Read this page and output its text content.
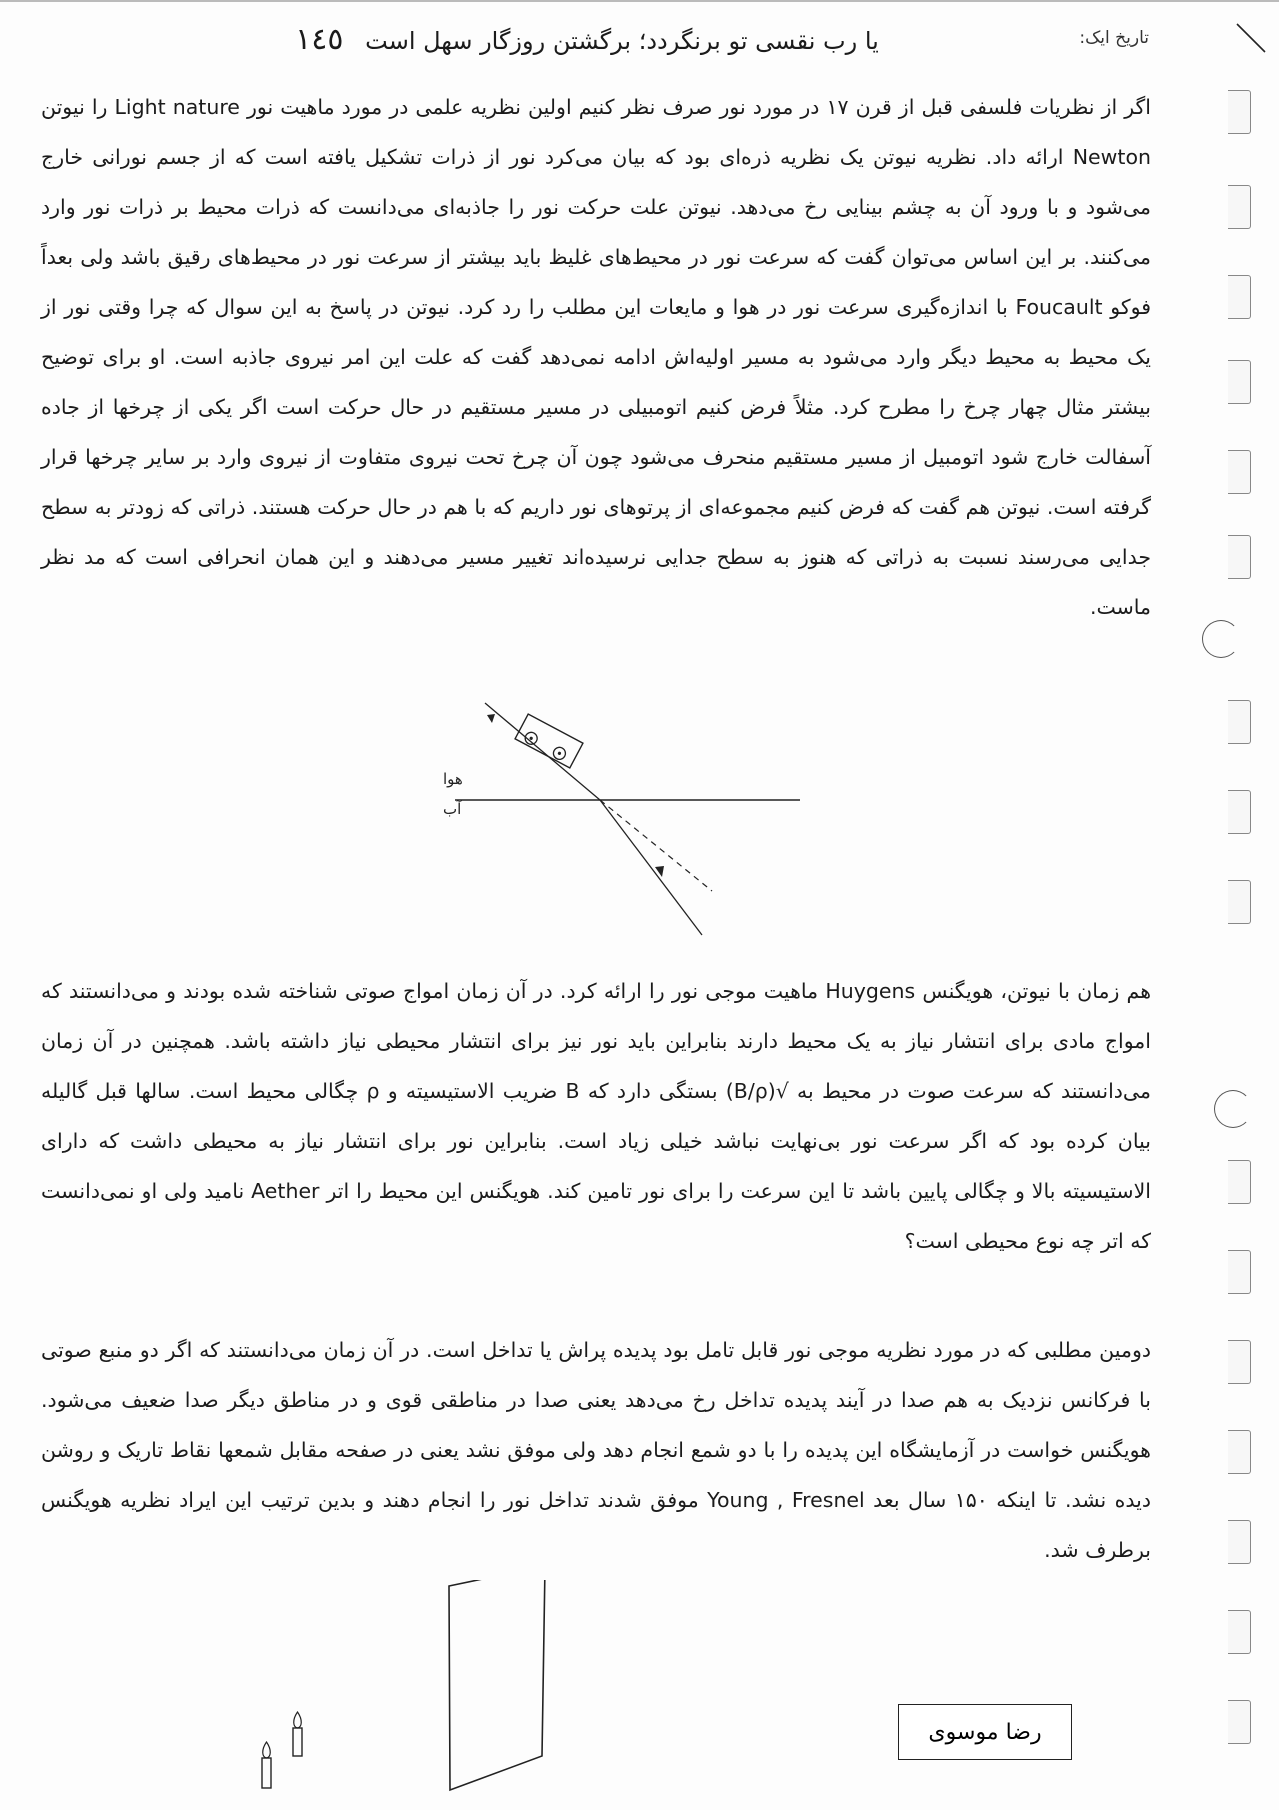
تاریخ ایک:
یا رب نقسی تو برنگردد؛ برگشتن روزگار سهل است ١٤٥
اگر از نظریات فلسفی قبل از قرن ۱۷ در مورد نور صرف نظر کنیم اولین نظریه علمی در مورد ماهیت نور Light nature را نیوتن Newton ارائه داد. نظریه نیوتن یک نظریه ذره‌ای بود که بیان می‌کرد نور از ذرات تشکیل یافته است که از جسم نورانی خارج می‌شود و با ورود آن به چشم بینایی رخ می‌دهد. نیوتن علت حرکت نور را جاذبه‌ای می‌دانست که ذرات محیط بر ذرات نور وارد می‌کنند. بر این اساس می‌توان گفت که سرعت نور در محیط‌های غلیظ باید بیشتر از سرعت نور در محیط‌های رقیق باشد ولی بعداً فوکو Foucault با اندازه‌گیری سرعت نور در هوا و مایعات این مطلب را رد کرد. نیوتن در پاسخ به این سوال که چرا وقتی نور از یک محیط به محیط دیگر وارد می‌شود به مسیر اولیه‌اش ادامه نمی‌دهد گفت که علت این امر نیروی جاذبه است. او برای توضیح بیشتر مثال چهار چرخ را مطرح کرد. مثلاً فرض کنیم اتومبیلی در مسیر مستقیم در حال حرکت است اگر یکی از چرخها از جاده آسفالت خارج شود اتومبیل از مسیر مستقیم منحرف می‌شود چون آن چرخ تحت نیروی متفاوت از نیروی وارد بر سایر چرخها قرار گرفته است. نیوتن هم گفت که فرض کنیم مجموعه‌ای از پرتوهای نور داریم که با هم در حال حرکت هستند. ذراتی که زودتر به سطح جدایی می‌رسند نسبت به ذراتی که هنوز به سطح جدایی نرسیده‌اند تغییر مسیر می‌دهند و این همان انحرافی است که مد نظر ماست.
هوا
آب
هم زمان با نیوتن، هویگنس Huygens ماهیت موجی نور را ارائه کرد. در آن زمان امواج صوتی شناخته شده بودند و می‌دانستند که امواج مادی برای انتشار نیاز به یک محیط دارند بنابراین باید نور نیز برای انتشار محیطی نیاز داشته باشد. همچنین در آن زمان می‌دانستند که سرعت صوت در محیط به √(B/ρ) بستگی دارد که B ضریب الاستیسیته و ρ چگالی محیط است. سالها قبل گالیله بیان کرده بود که اگر سرعت نور بی‌نهایت نباشد خیلی زیاد است. بنابراین نور برای انتشار نیاز به محیطی داشت که دارای الاستیسیته بالا و چگالی پایین باشد تا این سرعت را برای نور تامین کند. هویگنس این محیط را اتر Aether نامید ولی او نمی‌دانست که اتر چه نوع محیطی است؟
دومین مطلبی که در مورد نظریه موجی نور قابل تامل بود پدیده پراش یا تداخل است. در آن زمان می‌دانستند که اگر دو منبع صوتی با فرکانس نزدیک به هم صدا در آیند پدیده تداخل رخ می‌دهد یعنی صدا در مناطقی قوی و در مناطق دیگر صدا ضعیف می‌شود. هویگنس خواست در آزمایشگاه این پدیده را با دو شمع انجام دهد ولی موفق نشد یعنی در صفحه مقابل شمعها نقاط تاریک و روشن دیده نشد. تا اینکه ۱۵۰ سال بعد Young , Fresnel موفق شدند تداخل نور را انجام دهند و بدین ترتیب این ایراد نظریه هویگنس برطرف شد.
رضا موسوی
